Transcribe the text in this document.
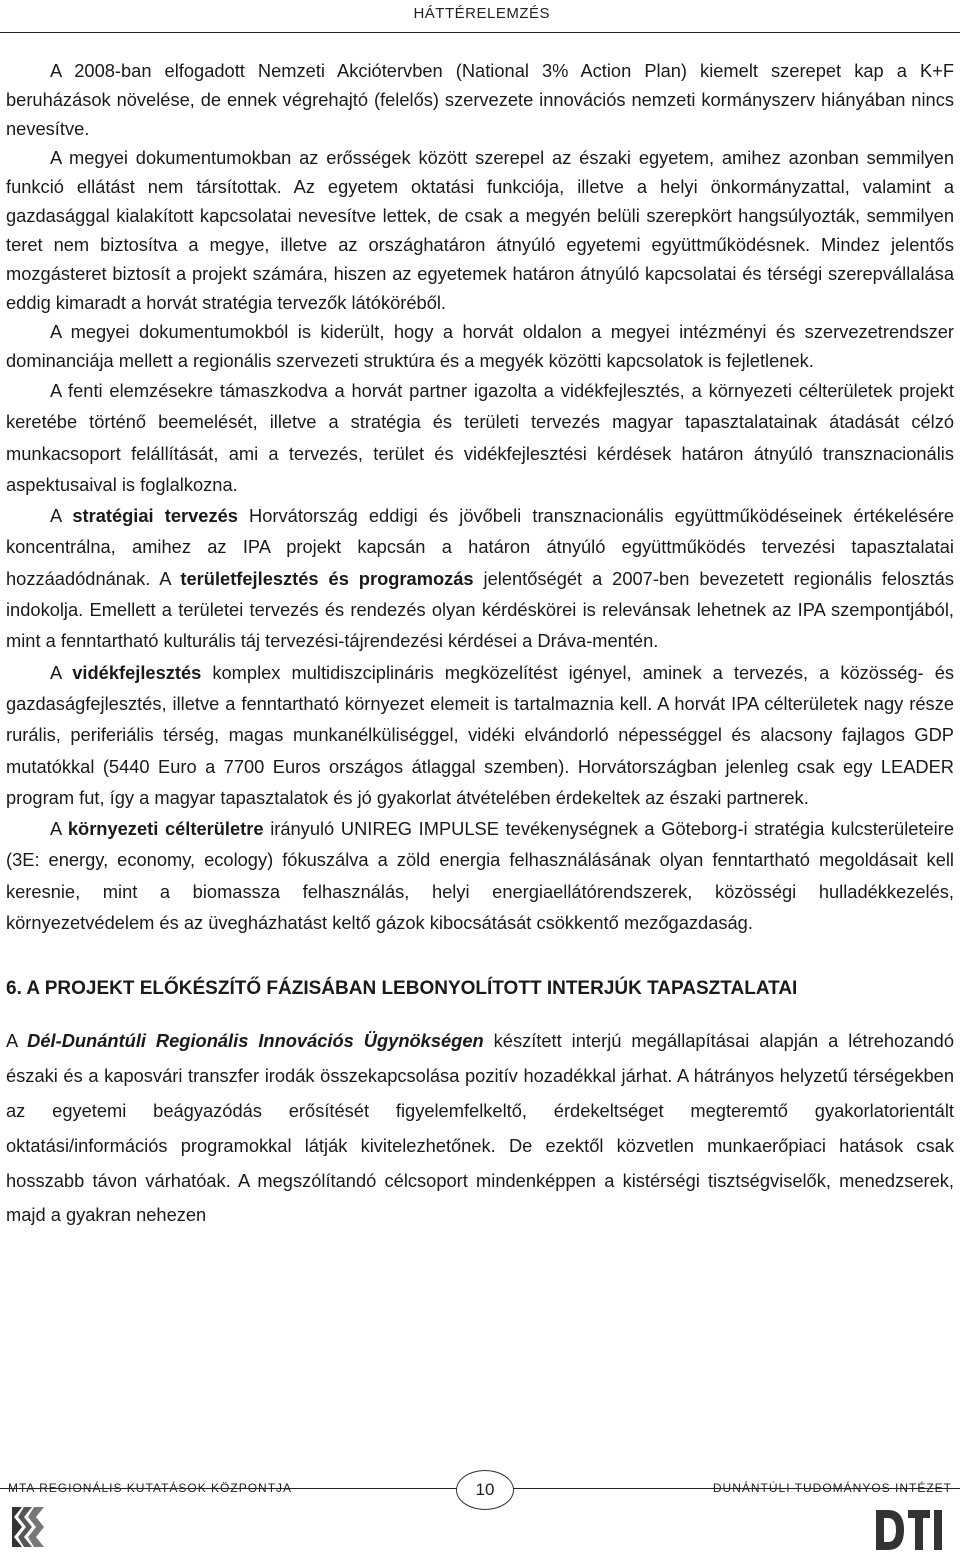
HÁTTÉRELEMZÉS

A 2008-ban elfogadott Nemzeti Akciótervben (National 3% Action Plan) kiemelt szerepet kap a K+F beruházások növelése, de ennek végrehajtó (felelős) szervezete innovációs nemzeti kormányszerv hiányában nincs nevesítve.

A megyei dokumentumokban az erősségek között szerepel az északi egyetem, amihez azonban semmilyen funkció ellátást nem társítottak. Az egyetem oktatási funkciója, illetve a helyi önkormányzattal, valamint a gazdasággal kialakított kapcsolatai nevesítve lettek, de csak a megyén belüli szerepkört hangsúlyozták, semmilyen teret nem biztosítva a megye, illetve az országhatáron átnyúló egyetemi együttműködésnek. Mindez jelentős mozgásteret biztosít a projekt számára, hiszen az egyetemek határon átnyúló kapcsolatai és térségi szerepvállalása eddig kimaradt a horvát stratégia tervezők látóköréből.

A megyei dokumentumokból is kiderült, hogy a horvát oldalon a megyei intézményi és szervezetrendszer dominanciája mellett a regionális szervezeti struktúra és a megyék közötti kapcsolatok is fejletlenek.

A fenti elemzésekre támaszkodva a horvát partner igazolta a vidékfejlesztés, a környezeti célterületek projekt keretébe történő beemelését, illetve a stratégia és területi tervezés magyar tapasztalatainak átadását célzó munkacsoport felállítását, ami a tervezés, terület és vidékfejlesztési kérdések határon átnyúló transznacionális aspektusaival is foglalkozna.

A stratégiai tervezés Horvátország eddigi és jövőbeli transznacionális együttműködéseinek értékelésére koncentrálna, amihez az IPA projekt kapcsán a határon átnyúló együttműködés tervezési tapasztalatai hozzáadódnának. A területfejlesztés és programozás jelentőségét a 2007-ben bevezetett regionális felosztás indokolja. Emellett a területei tervezés és rendezés olyan kérdéskörei is relevánsak lehetnek az IPA szempontjából, mint a fenntartható kulturális táj tervezési-tájrendezési kérdései a Dráva-mentén.

A vidékfejlesztés komplex multidiszciplináris megközelítést igényel, aminek a tervezés, a közösség- és gazdaságfejlesztés, illetve a fenntartható környezet elemeit is tartalmaznia kell. A horvát IPA célterületek nagy része rurális, periferiális térség, magas munkanélküliséggel, vidéki elvándorló népességgel és alacsony fajlagos GDP mutatókkal (5440 Euro a 7700 Euros országos átlaggal szemben). Horvátországban jelenleg csak egy LEADER program fut, így a magyar tapasztalatok és jó gyakorlat átvételében érdekeltek az északi partnerek.

A környezeti célterületre irányuló UNIREG IMPULSE tevékenységnek a Göteborg-i stratégia kulcsterületeire (3E: energy, economy, ecology) fókuszálva a zöld energia felhasználásának olyan fenntartható megoldásait kell keresnie, mint a biomassza felhasználás, helyi energiaellátórendszerek, közösségi hulladékkezelés, környezetvédelem és az üvegházhatást keltő gázok kibocsátását csökkentő mezőgazdaság.

6. A PROJEKT ELŐKÉSZÍTŐ FÁZISÁBAN LEBONYOLÍTOTT INTERJÚK TAPASZTALATAI

A Dél-Dunántúli Regionális Innovációs Ügynökségen készített interjú megállapításai alapján a létrehozandó északi és a kaposvári transzfer irodák összekapcsolása pozitív hozadékkal járhat. A hátrányos helyzetű térségekben az egyetemi beágyazódás erősítését figyelemfelkeltő, érdekeltséget megteremtő gyakorlatorientált oktatási/információs programokkal látják kivitelezhetőnek. De ezektől közvetlen munkaerőpiaci hatások csak hosszabb távon várhatóak. A megszólítandó célcsoport mindenképpen a kistérségi tisztségviselők, menedzserek, majd a gyakran nehezen

MTA REGIONÁLIS KUTATÁSOK KÖZPONTJA	10	DUNÁNTÚLI TUDOMÁNYOS INTÉZET
